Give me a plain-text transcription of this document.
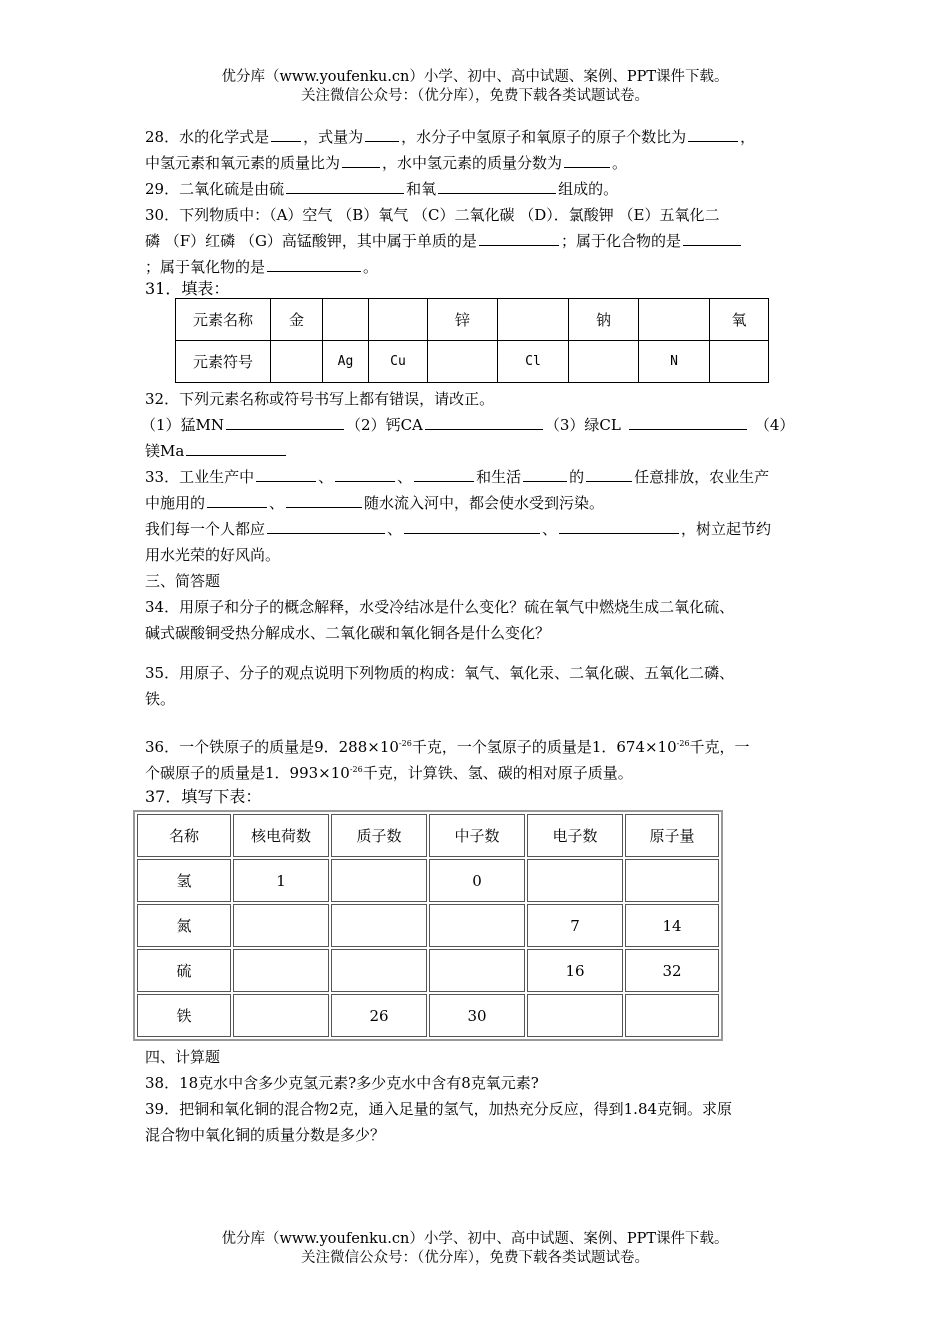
优分库（www.youfenku.cn）小学、初中、高中试题、案例、PPT课件下载。
关注微信公众号：（优分库），免费下载各类试题试卷。
28．水的化学式是 ，式量为	，水分子中氢原子和氧原子的原子个数比为	，
中氢元素和氧元素的质量比为	，水中氢元素的质量分数为	。
29．二氧化硫是由硫	和氧	组成的。
30．下列物质中：（A）空气 （B）氧气 （C）二氧化碳 （D）．氯酸钾 （E）五氧化二
磷 （F）红磷 （G）高锰酸钾，其中属于单质的是	；属于化合物的是
；属于氧化物的是	。
31．填表：
元素名称	金			锌		钠		氧
元素符号		Ag	Cu		Cl		N	
32．下列元素名称或符号书写上都有错误，请改正。
（1）猛MN	（2）钙CA	（3）绿CL	（4）
镁Ma
33．工业生产中	、	、	和生活	的	任意排放，农业生产
中施用的	、	随水流入河中，都会使水受到污染。
我们每一个人都应	、	、	，树立起节约
用水光荣的好风尚。
三、简答题
34．用原子和分子的概念解释，水受冷结冰是什么变化？硫在氧气中燃烧生成二氧化硫、
碱式碳酸铜受热分解成水、二氧化碳和氧化铜各是什么变化？
35．用原子、分子的观点说明下列物质的构成：氧气、氧化汞、二氧化碳、五氧化二磷、
铁。
36．一个铁原子的质量是9．$288\times 10^{-26}$千克，一个氢原子的质量是1．$674\times 10^{-26}$千克，一
个碳原子的质量是1．$993\times 10^{-26}$千克，计算铁、氢、碳的相对原子质量。
37．填写下表：
名称	核电荷数	质子数	中子数	电子数	原子量
氢	1		0		
氮				7	14
硫				16	32
铁		26	30		
四、计算题
38．18克水中含多少克氢元素?多少克水中含有8克氧元素?
39．把铜和氧化铜的混合物2克，通入足量的氢气，加热充分反应，得到1.84克铜。求原
混合物中氧化铜的质量分数是多少？
优分库（www.youfenku.cn）小学、初中、高中试题、案例、PPT课件下载。
关注微信公众号：（优分库），免费下载各类试题试卷。
